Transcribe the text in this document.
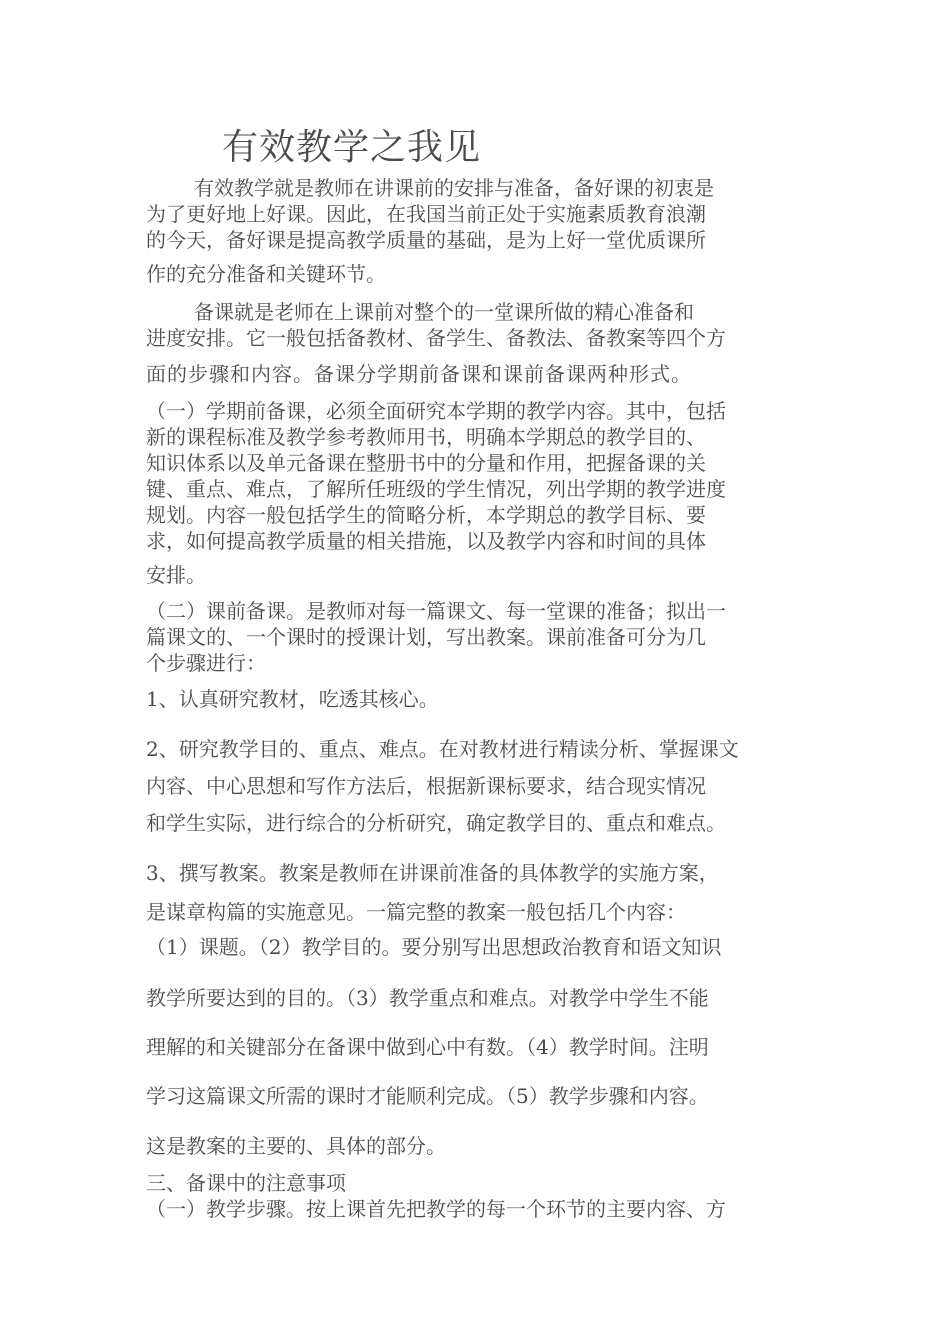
有效教学之我见
有效教学就是教师在讲课前的安排与准备，备好课的初衷是
为了更好地上好课。因此，在我国当前正处于实施素质教育浪潮
的今天，备好课是提高教学质量的基础，是为上好一堂优质课所
作的充分准备和关键环节。
备课就是老师在上课前对整个的一堂课所做的精心准备和
进度安排。它一般包括备教材、备学生、备教法、备教案等四个方
面的步骤和内容。备课分学期前备课和课前备课两种形式。
（一）学期前备课，必须全面研究本学期的教学内容。其中，包括
新的课程标准及教学参考教师用书，明确本学期总的教学目的、
知识体系以及单元备课在整册书中的分量和作用，把握备课的关
键、重点、难点，了解所任班级的学生情况，列出学期的教学进度
规划。内容一般包括学生的简略分析，本学期总的教学目标、要
求，如何提高教学质量的相关措施，以及教学内容和时间的具体
安排。
（二）课前备课。是教师对每一篇课文、每一堂课的准备；拟出一
篇课文的、一个课时的授课计划，写出教案。课前准备可分为几
个步骤进行：
1、认真研究教材，吃透其核心。
2、研究教学目的、重点、难点。在对教材进行精读分析、掌握课文
内容、中心思想和写作方法后，根据新课标要求，结合现实情况
和学生实际，进行综合的分析研究，确定教学目的、重点和难点。
3、撰写教案。教案是教师在讲课前准备的具体教学的实施方案，
是谋章构篇的实施意见。一篇完整的教案一般包括几个内容：
（1）课题。（2）教学目的。要分别写出思想政治教育和语文知识
教学所要达到的目的。（3）教学重点和难点。对教学中学生不能
理解的和关键部分在备课中做到心中有数。（4）教学时间。注明
学习这篇课文所需的课时才能顺利完成。（5）教学步骤和内容。
这是教案的主要的、具体的部分。
三、备课中的注意事项
（一）教学步骤。按上课首先把教学的每一个环节的主要内容、方
